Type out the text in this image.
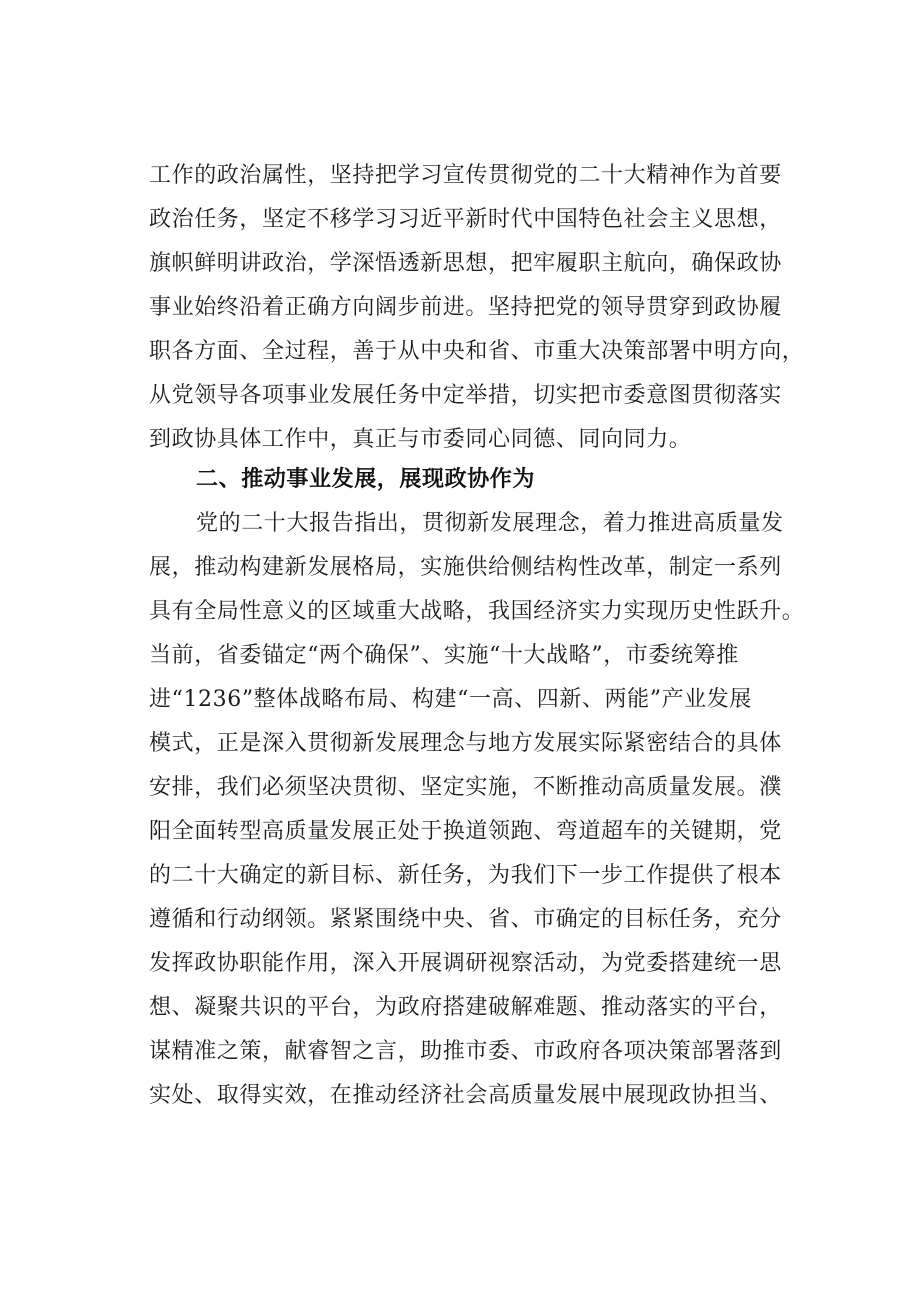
工作的政治属性，坚持把学习宣传贯彻党的二十大精神作为首要
政治任务，坚定不移学习习近平新时代中国特色社会主义思想，
旗帜鲜明讲政治，学深悟透新思想，把牢履职主航向，确保政协
事业始终沿着正确方向阔步前进。坚持把党的领导贯穿到政协履
职各方面、全过程，善于从中央和省、市重大决策部署中明方向，
从党领导各项事业发展任务中定举措，切实把市委意图贯彻落实
到政协具体工作中，真正与市委同心同德、同向同力。
二、推动事业发展，展现政协作为
党的二十大报告指出，贯彻新发展理念，着力推进高质量发
展，推动构建新发展格局，实施供给侧结构性改革，制定一系列
具有全局性意义的区域重大战略，我国经济实力实现历史性跃升。
当前，省委锚定“两个确保”、实施“十大战略”，市委统筹推
进“1236”整体战略布局、构建“一高、四新、两能”产业发展
模式，正是深入贯彻新发展理念与地方发展实际紧密结合的具体
安排，我们必须坚决贯彻、坚定实施，不断推动高质量发展。濮
阳全面转型高质量发展正处于换道领跑、弯道超车的关键期，党
的二十大确定的新目标、新任务，为我们下一步工作提供了根本
遵循和行动纲领。紧紧围绕中央、省、市确定的目标任务，充分
发挥政协职能作用，深入开展调研视察活动，为党委搭建统一思
想、凝聚共识的平台，为政府搭建破解难题、推动落实的平台，
谋精准之策，献睿智之言，助推市委、市政府各项决策部署落到
实处、取得实效，在推动经济社会高质量发展中展现政协担当、
